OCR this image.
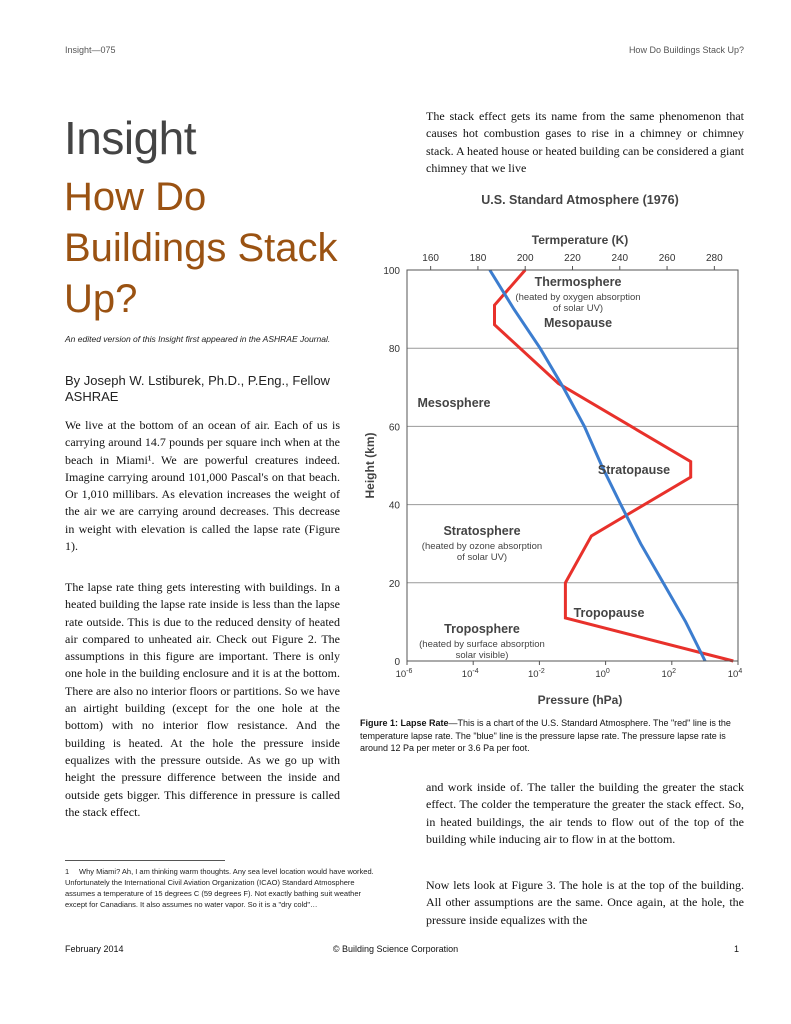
Insight—075	How Do Buildings Stack Up?
Insight
How Do Buildings Stack Up?
An edited version of this Insight first appeared in the ASHRAE Journal.
By Joseph W. Lstiburek, Ph.D., P.Eng., Fellow ASHRAE

We live at the bottom of an ocean of air. Each of us is carrying around 14.7 pounds per square inch when at the beach in Miami¹. We are powerful creatures indeed. Imagine carrying around 101,000 Pascal's on that beach. Or 1,010 millibars. As elevation increases the weight of the air we are carrying around decreases. This decrease in weight with elevation is called the lapse rate (Figure 1).

The lapse rate thing gets interesting with buildings. In a heated building the lapse rate inside is less than the lapse rate outside. This is due to the reduced density of heated air compared to unheated air. Check out Figure 2. The assumptions in this figure are important. There is only one hole in the building enclosure and it is at the bottom. There are also no interior floors or partitions. So we have an airtight building (except for the one hole at the bottom) with no interior flow resistance. And the building is heated. At the hole the pressure inside equalizes with the pressure outside. As we go up with height the pressure difference between the inside and outside gets bigger. This difference in pressure is called the stack effect.

The stack effect gets its name from the same phenomenon that causes hot combustion gases to rise in a chimney or chimney stack. A heated house or heated building can be considered a giant chimney that we live

and work inside of. The taller the building the greater the stack effect. The colder the temperature the greater the stack effect. So, in heated buildings, the air tends to flow out of the top of the building while inducing air to flow in at the bottom.

Now lets look at Figure 3. The hole is at the top of the building. All other assumptions are the same. Once again, at the hole, the pressure inside equalizes with the

1 Why Miami? Ah, I am thinking warm thoughts. Any sea level location would have worked. Unfortunately the International Civil Aviation Organization (ICAO) Standard Atmosphere assumes a temperature of 15 degrees C (59 degrees F). Not exactly bathing suit weather except for Canadians. It also assumes no water vapor. So it is a "dry cold"…
U.S. Standard Atmosphere (1976)
Termperature (K)
160	180	200	220	240	260	280
0
20
40
60
80
100
$10^{-6}$	$10^{-4}$	$10^{-2}$	$10^0$	$10^2$	$10^4$
Thermosphere
(heated by oxygen absorption
of solar UV)
Mesopause
Mesosphere
Stratopause
Stratosphere
(heated by ozone absorption
of solar UV)
Tropopause
Troposphere
(heated by surface absorption
solar visible)
Height (km)
Pressure (hPa)
Figure 1: Lapse Rate—This is a chart of the U.S. Standard Atmosphere. The "red" line is the temperature lapse rate. The "blue" line is the pressure lapse rate. The pressure lapse rate is around 12 Pa per meter or 3.6 Pa per foot.
February 2014	© Building Science Corporation	1
